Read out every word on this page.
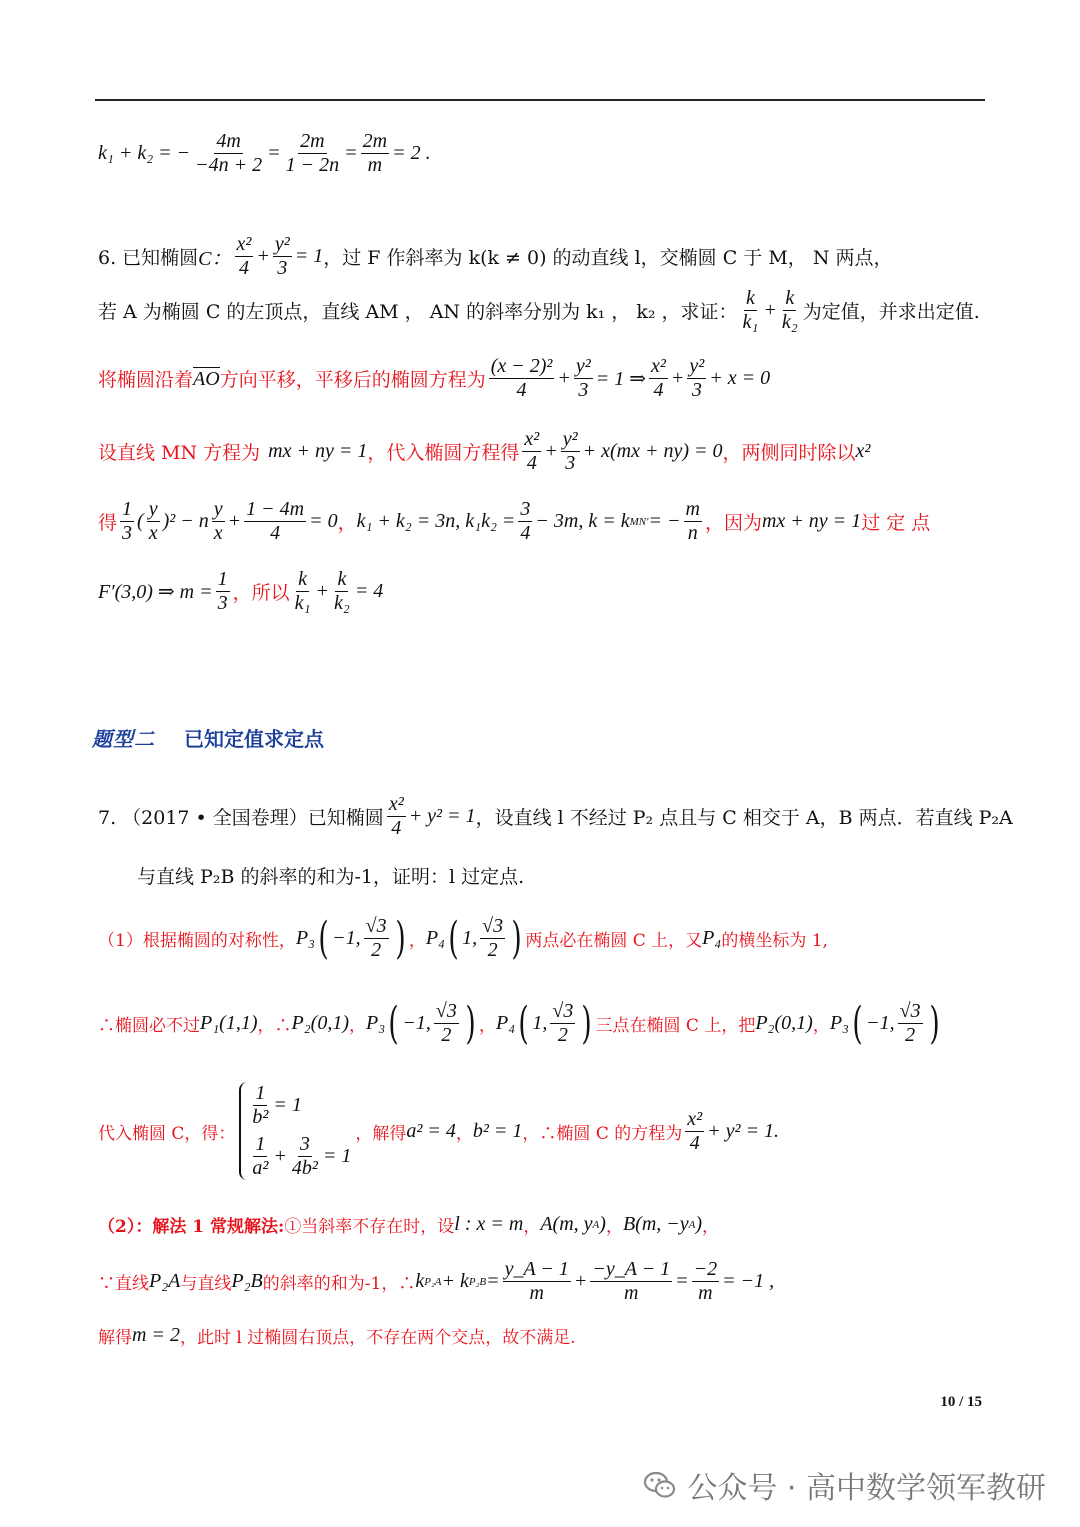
k₁ + k₂ = − $\frac{4m}{-4n + 2} = \frac{2m}{1 - 2n} = \frac{2m}{m} = 2$ .
6. 已知椭圆 C： $\frac{\text{x²}}{4} + \frac{\text{y²}}{3} = 1$ ，过 F 作斜率为 k(k ≠ 0) 的动直线 l，交椭圆 C 于 M， N 两点，
若 A 为椭圆 C 的左顶点，直线 AM ， AN 的斜率分别为 k₁ ， k₂ ，求证： $\frac{k}{\text{k₁}} + \frac{k}{\text{k₂}}$ 为定值，并求出定值.
将椭圆沿着 AO 方向平移，平移后的椭圆方程为 $\frac{\text{(x − 2)²}}{4} + \frac{\text{y²}}{3} = 1$ ⇒ $\frac{\text{x²}}{4} + \frac{\text{y²}}{3} + x = 0$
设直线 MN 方程为 mx + ny = 1 ，代入椭圆方程得 $\frac{\text{x²}}{4} + \frac{\text{y²}}{3} + x(mx + ny) = 0$ ，两侧同时除以 x²
得 $\frac{1}{3}$ ( $\frac{y}{x} )^2 - n \frac{y}{x} + \frac{1 - 4m}{4} = 0$ ， k₁ + k₂ = 3n, $k_1k_2 = \frac{3}{4} - 3m$, k = k MN′ = − $\frac{m}{n}$ ，因为 mx + ny = 1 过定点
F′(3,0) ⇒ $m = \frac{1}{3}$ ，所以 $\frac{k}{\text{k₁}} + \frac{k}{\text{k₂}} = 4$
题型二 已知定值求定点
7. （2017 • 全国卷理）已知椭圆 $\frac{\text{x²}}{4} + y^2 = 1$ ，设直线 l 不经过 P₂ 点且与 C 相交于 A，B 两点．若直线 P₂A
与直线 P₂B 的斜率的和为-1，证明：l 过定点.
（1）根据椭圆的对称性， P₃ ( −1, $\frac{√3}{2}$ ) ， P₄ ( 1, $\frac{√3}{2}$ ) 两点必在椭圆 C 上，又 P₄ 的横坐标为 1,
∴椭圆必不过 P₁(1,1) ，∴ P₂(0,1) ， P₃ ( −1, $\frac{√3}{2}$ ) ， P₄ ( 1, $\frac{√3}{2}$ ) 三点在椭圆 C 上，把 P₂(0,1) ， P₃ ( −1, $\frac{√3}{2}$ )
代入椭圆 C，得：
$\frac{1}{\text{b²}} = 1$
$\frac{1}{\text{a²}} + \frac{3}{\text{4b²}} = 1$
，解得 a² = 4 ， b² = 1 ，∴椭圆 C 的方程为 $\frac{\text{x²}}{4} + y^2 = 1$.
（2）：解法 1 常规解法: ①当斜率不存在时，设 l : x = m ， A(m, y A ) ， B(m, −y A ) ，
∵直线 P₂A 与直线 P₂B 的斜率的和为-1，∴ k P₂A + k $P_2B = \frac{y\_A - 1}{m} + \frac{-y\_A - 1}{m} = \frac{-2}{m} = -1$ ,
解得 m = 2 ，此时 l 过椭圆右顶点，不存在两个交点，故不满足.
10 / 15
公众号 · 高中数学领军教研
